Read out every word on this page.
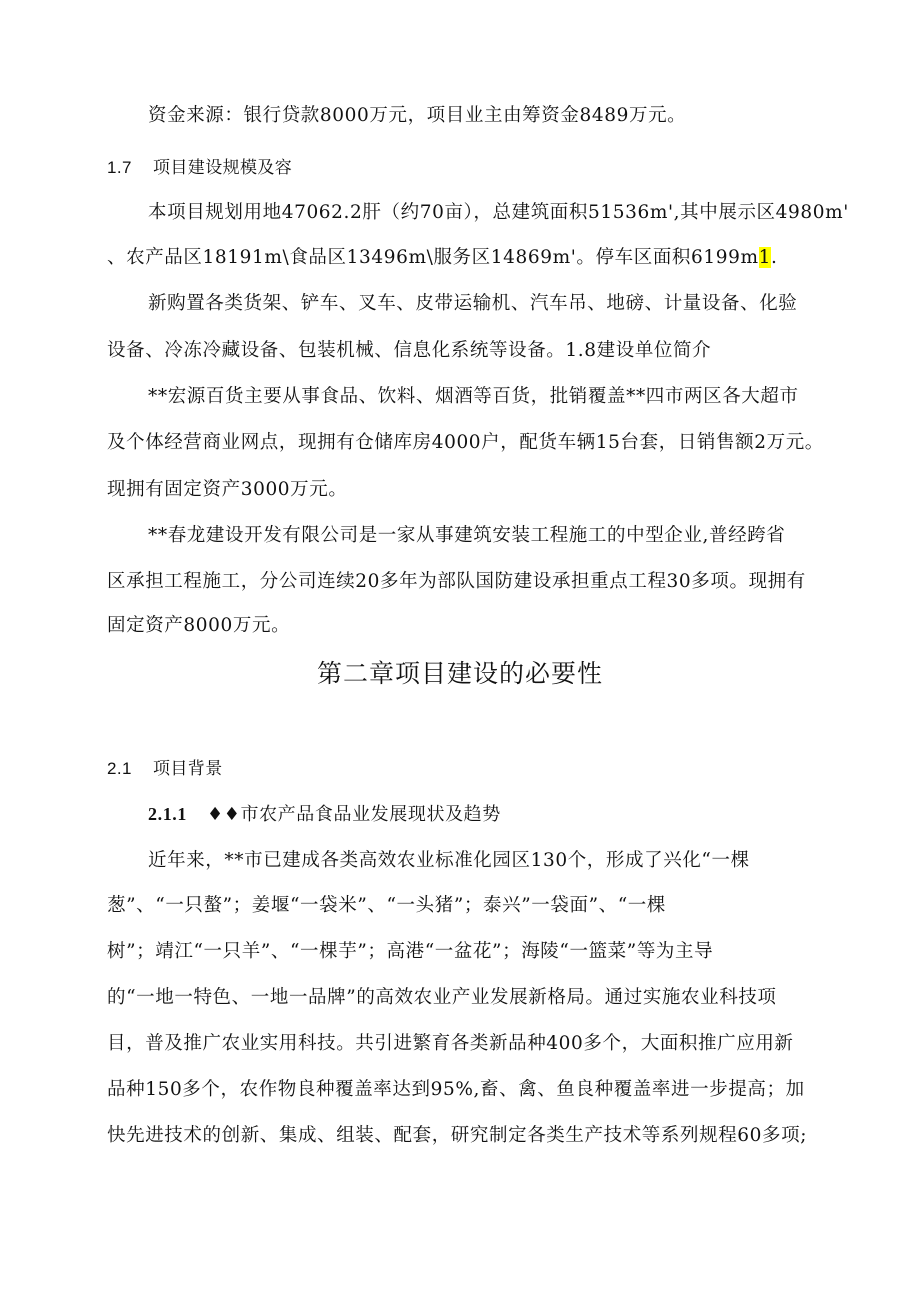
资金来源：银行贷款8000万元，项目业主由筹资金8489万元。
1.7 项目建设规模及容
本项目规划用地47062.2肝（约70亩），总建筑面积51536m',其中展示区4980m'
、农产品区18191m\食品区13496m\服务区14869m'。停车区面积6199m1.
新购置各类货架、铲车、叉车、皮带运输机、汽车吊、地磅、计量设备、化验
设备、冷冻冷藏设备、包装机械、信息化系统等设备。1.8建设单位简介
**宏源百货主要从事食品、饮料、烟酒等百货，批销覆盖**四市两区各大超市
及个体经营商业网点，现拥有仓储库房4000户，配货车辆15台套，日销售额2万元。
现拥有固定资产3000万元。
**春龙建设开发有限公司是一家从事建筑安装工程施工的中型企业,普经跨省
区承担工程施工，分公司连续20多年为部队国防建设承担重点工程30多项。现拥有
固定资产8000万元。
第二章项目建设的必要性
2.1 项目背景
2.1.1 ♦♦市农产品食品业发展现状及趋势
近年来，**市已建成各类高效农业标准化园区130个，形成了兴化“一棵
葱”、“一只螯”；姜堰“一袋米”、“一头猪”；泰兴”一袋面”、“一棵
树”；靖江“一只羊”、“一棵芋”；高港“一盆花”；海陵“一篮菜”等为主导
的“一地一特色、一地一品牌”的高效农业产业发展新格局。通过实施农业科技项
目，普及推广农业实用科技。共引进繁育各类新品种400多个，大面积推广应用新
品种150多个，农作物良种覆盖率达到95%,畜、禽、鱼良种覆盖率进一步提高；加
快先进技术的创新、集成、组装、配套，研究制定各类生产技术等系列规程60多项;
